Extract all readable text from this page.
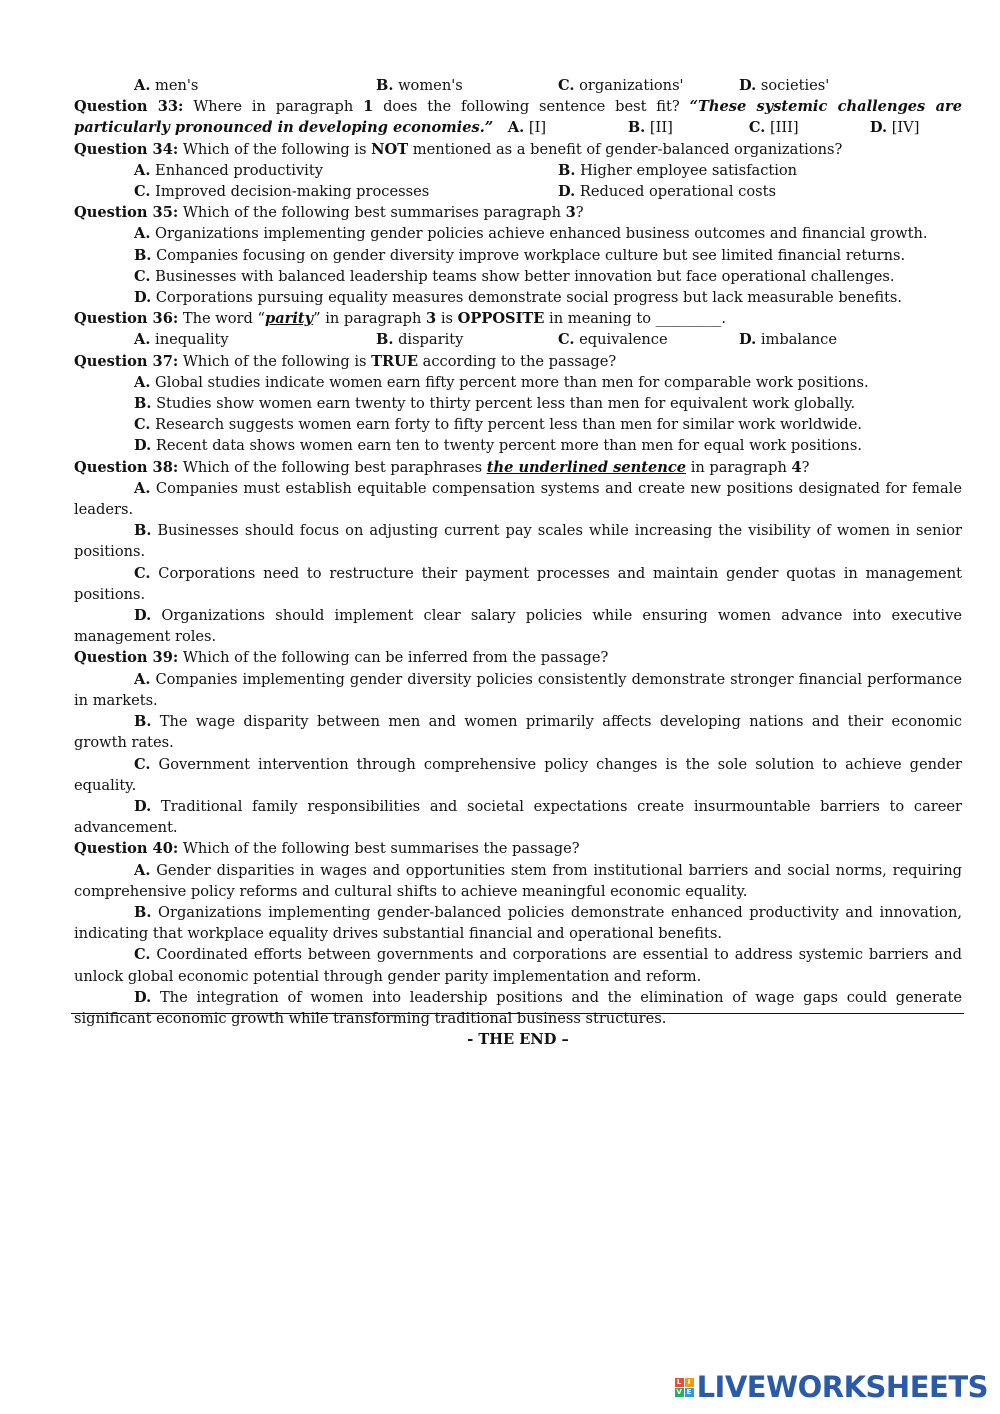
A. men's	B. women's	C. organizations'	D. societies'

Question 33: Where in paragraph 1 does the following sentence best fit? “These systemic challenges are particularly pronounced in developing economies.” A. [I]	B. [II]	C. [III]	D. [IV]

Question 34: Which of the following is NOT mentioned as a benefit of gender-balanced organizations?

A. Enhanced productivity	B. Higher employee satisfaction
C. Improved decision-making processes	D. Reduced operational costs

Question 35: Which of the following best summarises paragraph 3?

A. Organizations implementing gender policies achieve enhanced business outcomes and financial growth.

B. Companies focusing on gender diversity improve workplace culture but see limited financial returns.

C. Businesses with balanced leadership teams show better innovation but face operational challenges.

D. Corporations pursuing equality measures demonstrate social progress but lack measurable benefits.

Question 36: The word “parity” in paragraph 3 is OPPOSITE in meaning to _________.

A. inequality	B. disparity	C. equivalence	D. imbalance

Question 37: Which of the following is TRUE according to the passage?

A. Global studies indicate women earn fifty percent more than men for comparable work positions.

B. Studies show women earn twenty to thirty percent less than men for equivalent work globally.

C. Research suggests women earn forty to fifty percent less than men for similar work worldwide.

D. Recent data shows women earn ten to twenty percent more than men for equal work positions.

Question 38: Which of the following best paraphrases the underlined sentence in paragraph 4?

A. Companies must establish equitable compensation systems and create new positions designated for female leaders.

B. Businesses should focus on adjusting current pay scales while increasing the visibility of women in senior positions.

C. Corporations need to restructure their payment processes and maintain gender quotas in management positions.

D. Organizations should implement clear salary policies while ensuring women advance into executive management roles.

Question 39: Which of the following can be inferred from the passage?

A. Companies implementing gender diversity policies consistently demonstrate stronger financial performance in markets.

B. The wage disparity between men and women primarily affects developing nations and their economic growth rates.

C. Government intervention through comprehensive policy changes is the sole solution to achieve gender equality.

D. Traditional family responsibilities and societal expectations create insurmountable barriers to career advancement.

Question 40: Which of the following best summarises the passage?

A. Gender disparities in wages and opportunities stem from institutional barriers and social norms, requiring comprehensive policy reforms and cultural shifts to achieve meaningful economic equality.

B. Organizations implementing gender-balanced policies demonstrate enhanced productivity and innovation, indicating that workplace equality drives substantial financial and operational benefits.

C. Coordinated efforts between governments and corporations are essential to address systemic barriers and unlock global economic potential through gender parity implementation and reform.

D. The integration of women into leadership positions and the elimination of wage gaps could generate significant economic growth while transforming traditional business structures.

- THE END –

L I
V E LIVEWORKSHEETS
